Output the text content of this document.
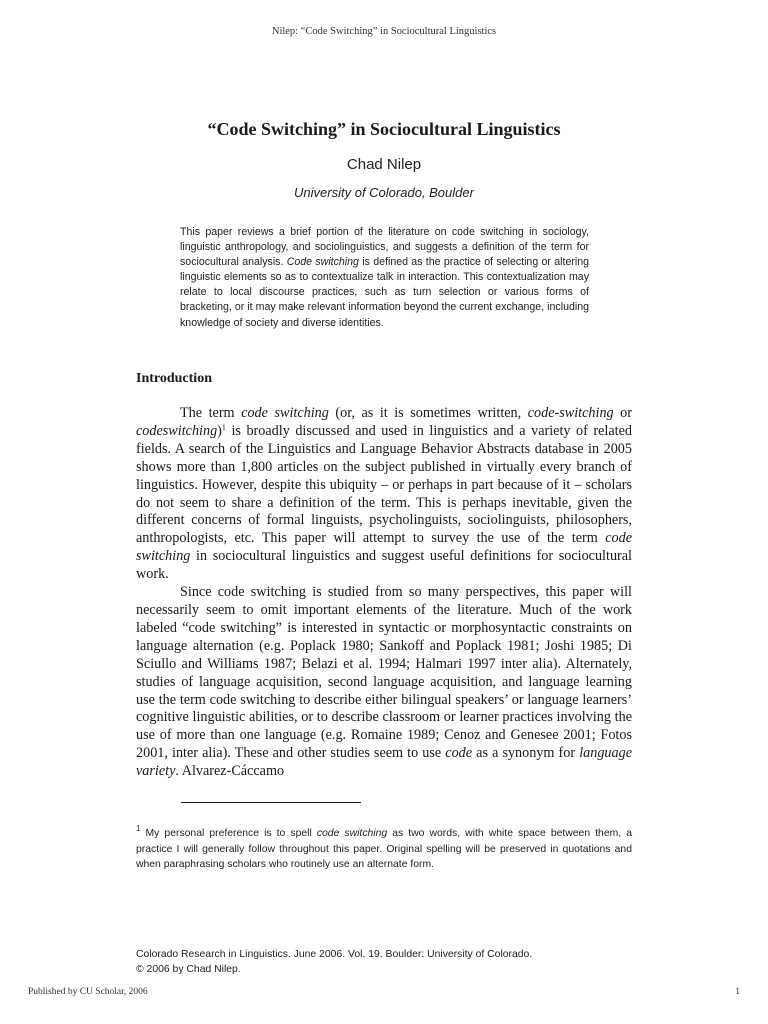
Nilep: “Code Switching” in Sociocultural Linguistics
“Code Switching” in Sociocultural Linguistics
Chad Nilep
University of Colorado, Boulder
This paper reviews a brief portion of the literature on code switching in sociology, linguistic anthropology, and sociolinguistics, and suggests a definition of the term for sociocultural analysis. Code switching is defined as the practice of selecting or altering linguistic elements so as to contextualize talk in interaction. This contextualization may relate to local discourse practices, such as turn selection or various forms of bracketing, or it may make relevant information beyond the current exchange, including knowledge of society and diverse identities.
Introduction

The term code switching (or, as it is sometimes written, code-switching or codeswitching)$^1$ is broadly discussed and used in linguistics and a variety of related fields. A search of the Linguistics and Language Behavior Abstracts database in 2005 shows more than 1,800 articles on the subject published in virtually every branch of linguistics. However, despite this ubiquity – or perhaps in part because of it – scholars do not seem to share a definition of the term. This is perhaps inevitable, given the different concerns of formal linguists, psycholinguists, sociolinguists, philosophers, anthropologists, etc. This paper will attempt to survey the use of the term code switching in sociocultural linguistics and suggest useful definitions for sociocultural work.

Since code switching is studied from so many perspectives, this paper will necessarily seem to omit important elements of the literature. Much of the work labeled “code switching” is interested in syntactic or morphosyntactic constraints on language alternation (e.g. Poplack 1980; Sankoff and Poplack 1981; Joshi 1985; Di Sciullo and Williams 1987; Belazi et al. 1994; Halmari 1997 inter alia). Alternately, studies of language acquisition, second language acquisition, and language learning use the term code switching to describe either bilingual speakers’ or language learners’ cognitive linguistic abilities, or to describe classroom or learner practices involving the use of more than one language (e.g. Romaine 1989; Cenoz and Genesee 2001; Fotos 2001, inter alia). These and other studies seem to use code as a synonym for language variety. Alvarez-Cáccamo

$^1$ My personal preference is to spell code switching as two words, with white space between them, a practice I will generally follow throughout this paper. Original spelling will be preserved in quotations and when paraphrasing scholars who routinely use an alternate form.
Colorado Research in Linguistics. June 2006. Vol. 19. Boulder: University of Colorado.
© 2006 by Chad Nilep.
Published by CU Scholar, 2006	1
